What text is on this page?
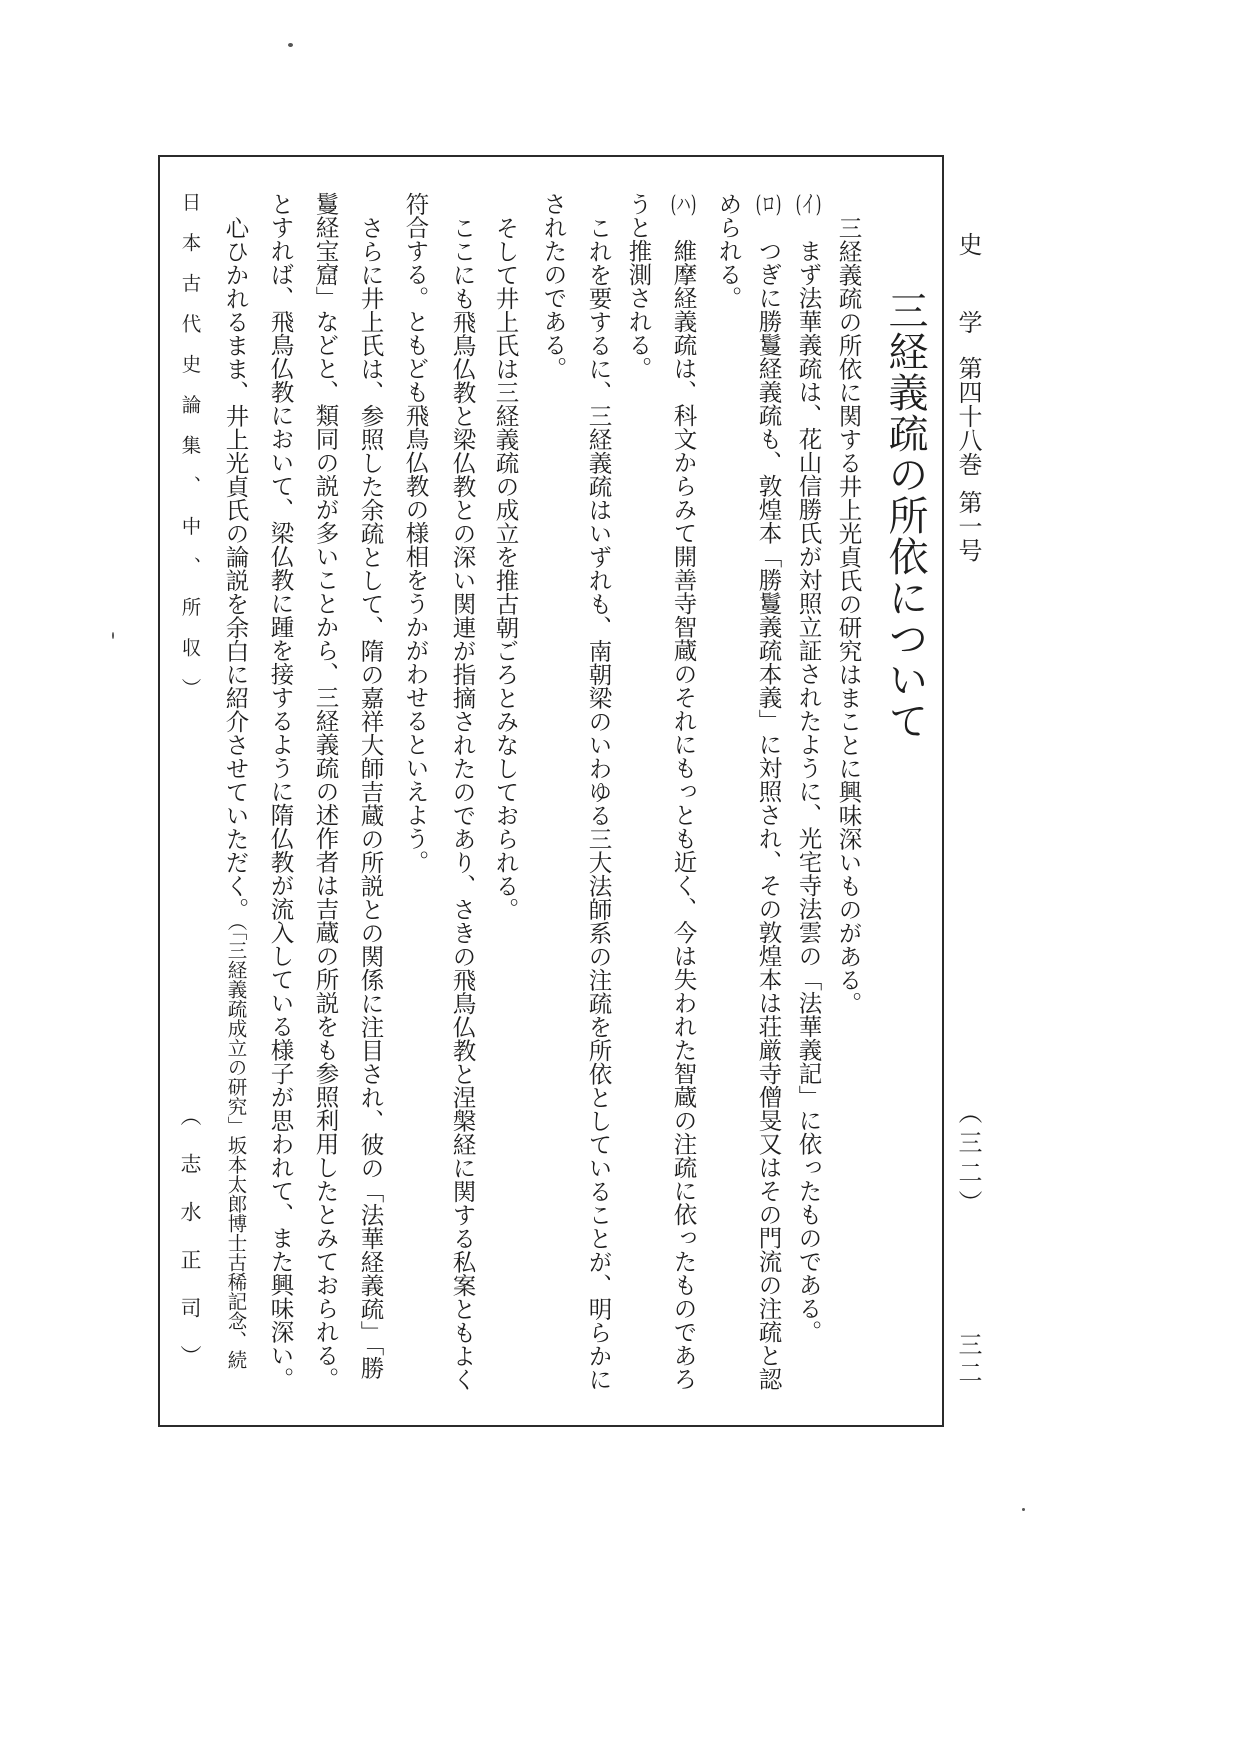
史学
第四十八巻
第一号
（三二）
三二
三経義疏の所依について
三経義疏の所依に関する井上光貞氏の研究はまことに興味深いものがある。
(イ)まず法華義疏は、花山信勝氏が対照立証されたように、光宅寺法雲の「法華義記」に依ったものである。
(ロ)つぎに勝鬘経義疏も、敦煌本「勝鬘義疏本義」に対照され、その敦煌本は荘厳寺僧旻又はその門流の注疏と認
められる。
(ハ)維摩経義疏は、科文からみて開善寺智蔵のそれにもっとも近く、今は失われた智蔵の注疏に依ったものであろ
うと推測される。
これを要するに、三経義疏はいずれも、南朝梁のいわゆる三大法師系の注疏を所依としていることが、明らかに
されたのである。
そして井上氏は三経義疏の成立を推古朝ごろとみなしておられる。
ここにも飛鳥仏教と梁仏教との深い関連が指摘されたのであり、さきの飛鳥仏教と涅槃経に関する私案ともよく
符合する。ともども飛鳥仏教の様相をうかがわせるといえよう。
さらに井上氏は、参照した余疏として、隋の嘉祥大師吉蔵の所説との関係に注目され、彼の「法華経義疏」「勝
鬘経宝窟」などと、類同の説が多いことから、三経義疏の述作者は吉蔵の所説をも参照利用したとみておられる。
とすれば、飛鳥仏教において、梁仏教に踵を接するように隋仏教が流入している様子が思われて、また興味深い。
心ひかれるまま、井上光貞氏の論説を余白に紹介させていただく。（「三経義疏成立の研究」坂本太郎博士古稀記念、続
日本古代史論集、中、所収）
（志水正司）
